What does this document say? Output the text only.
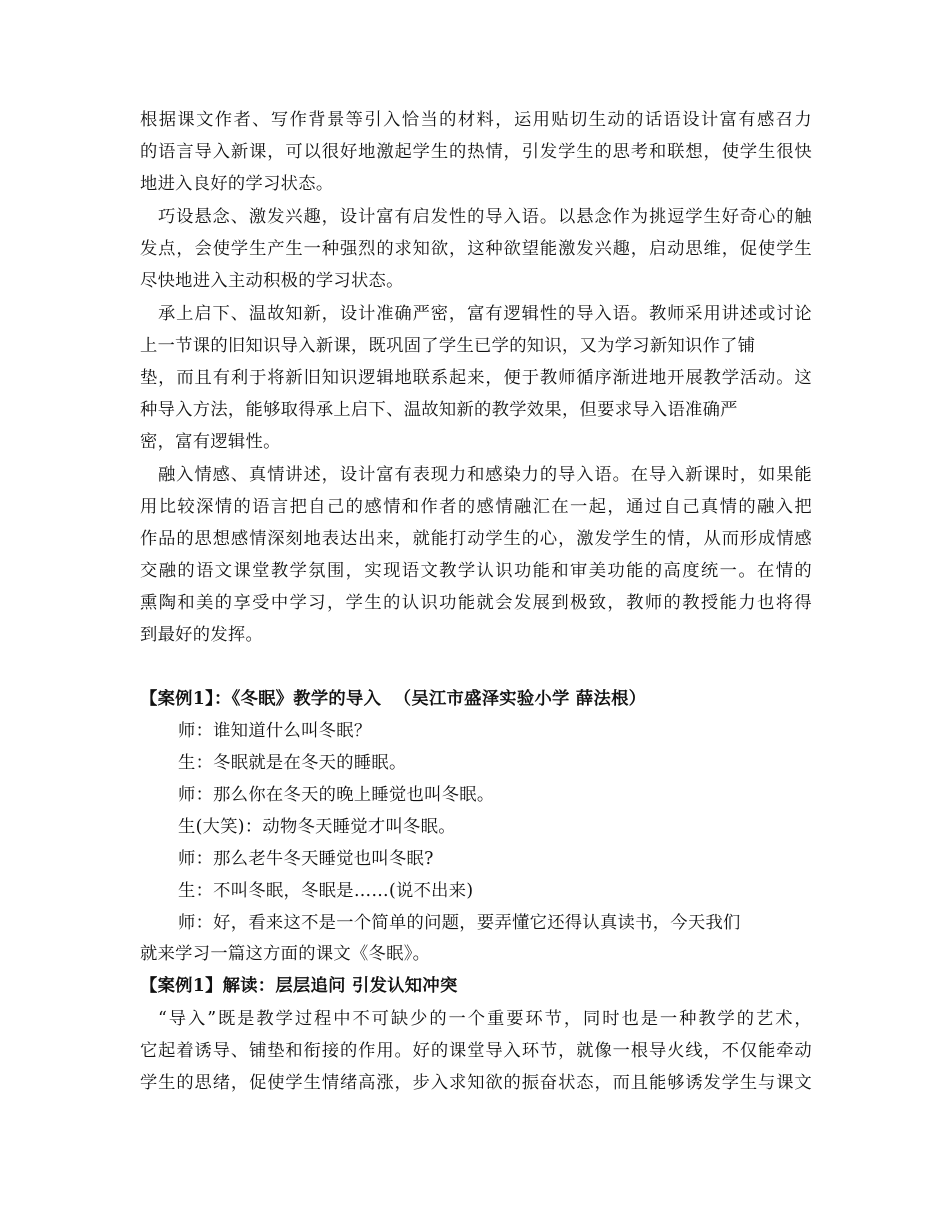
根据课文作者、写作背景等引入恰当的材料，运用贴切生动的话语设计富有感召力
的语言导入新课，可以很好地激起学生的热情，引发学生的思考和联想，使学生很快
地进入良好的学习状态。
巧设悬念、激发兴趣，设计富有启发性的导入语。以悬念作为挑逗学生好奇心的触
发点，会使学生产生一种强烈的求知欲，这种欲望能激发兴趣，启动思维，促使学生
尽快地进入主动积极的学习状态。
承上启下、温故知新，设计准确严密，富有逻辑性的导入语。教师采用讲述或讨论
上一节课的旧知识导入新课，既巩固了学生已学的知识，又为学习新知识作了铺
垫，而且有利于将新旧知识逻辑地联系起来，便于教师循序渐进地开展教学活动。这
种导入方法，能够取得承上启下、温故知新的教学效果，但要求导入语准确严
密，富有逻辑性。
融入情感、真情讲述，设计富有表现力和感染力的导入语。在导入新课时，如果能
用比较深情的语言把自己的感情和作者的感情融汇在一起，通过自己真情的融入把
作品的思想感情深刻地表达出来，就能打动学生的心，激发学生的情，从而形成情感
交融的语文课堂教学氛围，实现语文教学认识功能和审美功能的高度统一。在情的
熏陶和美的享受中学习，学生的认识功能就会发展到极致，教师的教授能力也将得
到最好的发挥。
【案例1】：《冬眠》教学的导入  （吴江市盛泽实验小学 薛法根）
师：谁知道什么叫冬眠？
生：冬眠就是在冬天的睡眠。
师：那么你在冬天的晚上睡觉也叫冬眠。
生(大笑)：动物冬天睡觉才叫冬眠。
师：那么老牛冬天睡觉也叫冬眠?
生：不叫冬眠，冬眠是……(说不出来)
师：好，看来这不是一个简单的问题，要弄懂它还得认真读书，今天我们
就来学习一篇这方面的课文《冬眠》。
【案例1】解读：层层追问 引发认知冲突
“导入”既是教学过程中不可缺少的一个重要环节，同时也是一种教学的艺术，
它起着诱导、铺垫和衔接的作用。好的课堂导入环节，就像一根导火线，不仅能牵动
学生的思绪，促使学生情绪高涨，步入求知欲的振奋状态，而且能够诱发学生与课文
